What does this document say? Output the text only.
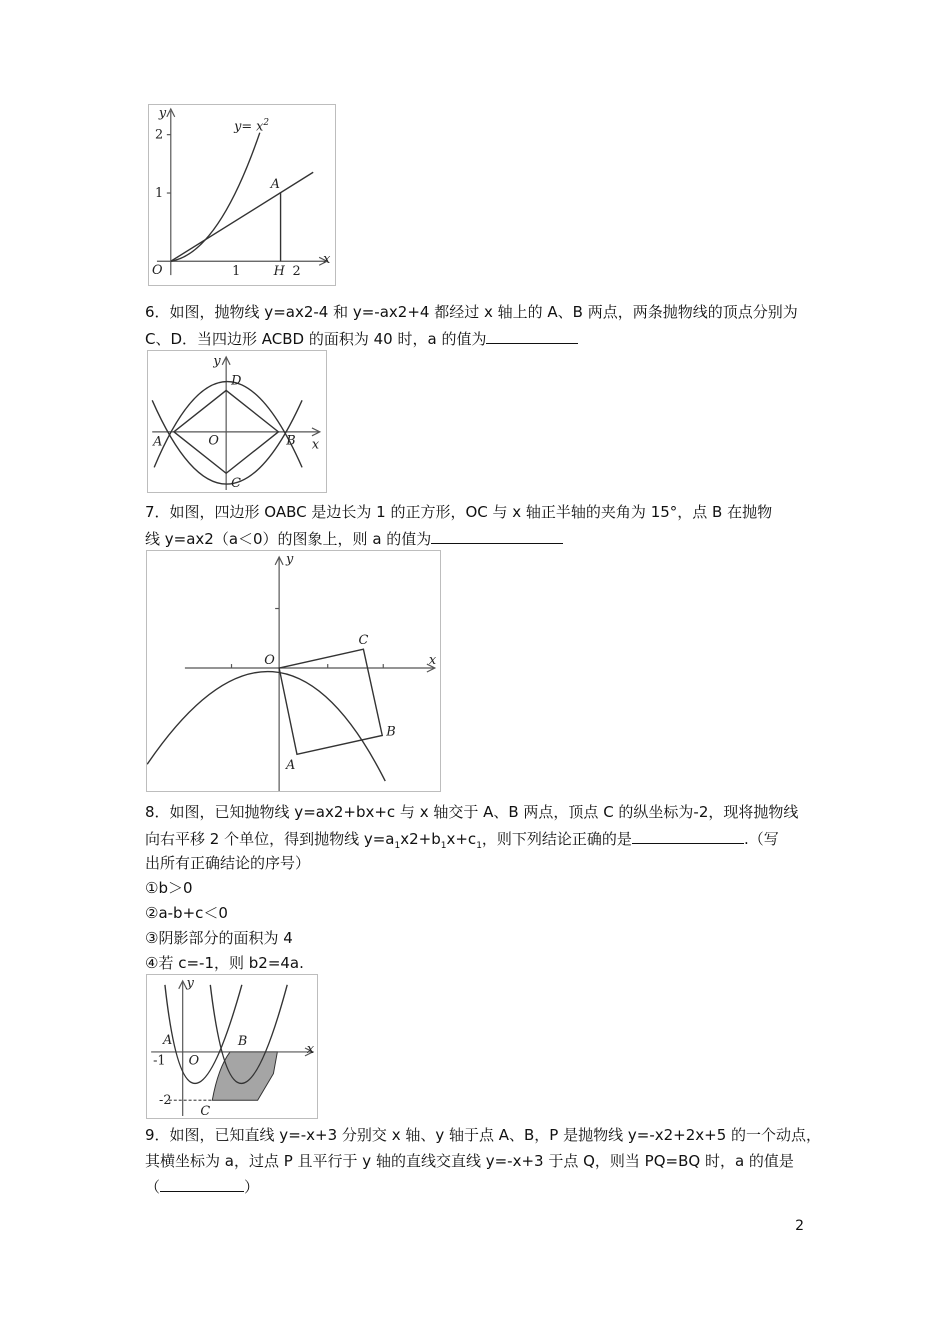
y
2
1
O	1	H 2
x
A
$y= x^2$
6．如图，抛物线 y=ax2-4 和 y=-ax2+4 都经过 x 轴上的 A、B 两点，两条抛物线的顶点分别为
C、D．当四边形 ACBD 的面积为 40 时，a 的值为
y
D
A	O	B x
C
7．如图，四边形 OABC 是边长为 1 的正方形，OC 与 x 轴正半轴的夹角为 15°，点 B 在抛物
线 y=ax2（a＜0）的图象上，则 a 的值为
y
O
C
x
B
A
8．如图，已知抛物线 y=ax2+bx+c 与 x 轴交于 A、B 两点，顶点 C 的纵坐标为-2，现将抛物线
向右平移 2 个单位，得到抛物线 $y=a_1x2+b_1x+c_1$，则下列结论正确的是	.（写
出所有正确结论的序号）
①b＞0
②a-b+c＜0
③阴影部分的面积为 4
④若 c=-1，则 b2=4a.
y
A
-1 O
B
x
-2
C
9．如图，已知直线 y=-x+3 分别交 x 轴、y 轴于点 A、B，P 是抛物线 y=-x2+2x+5 的一个动点，
其横坐标为 a，过点 P 且平行于 y 轴的直线交直线 y=-x+3 于点 Q，则当 PQ=BQ 时，a 的值是
（	）
2
